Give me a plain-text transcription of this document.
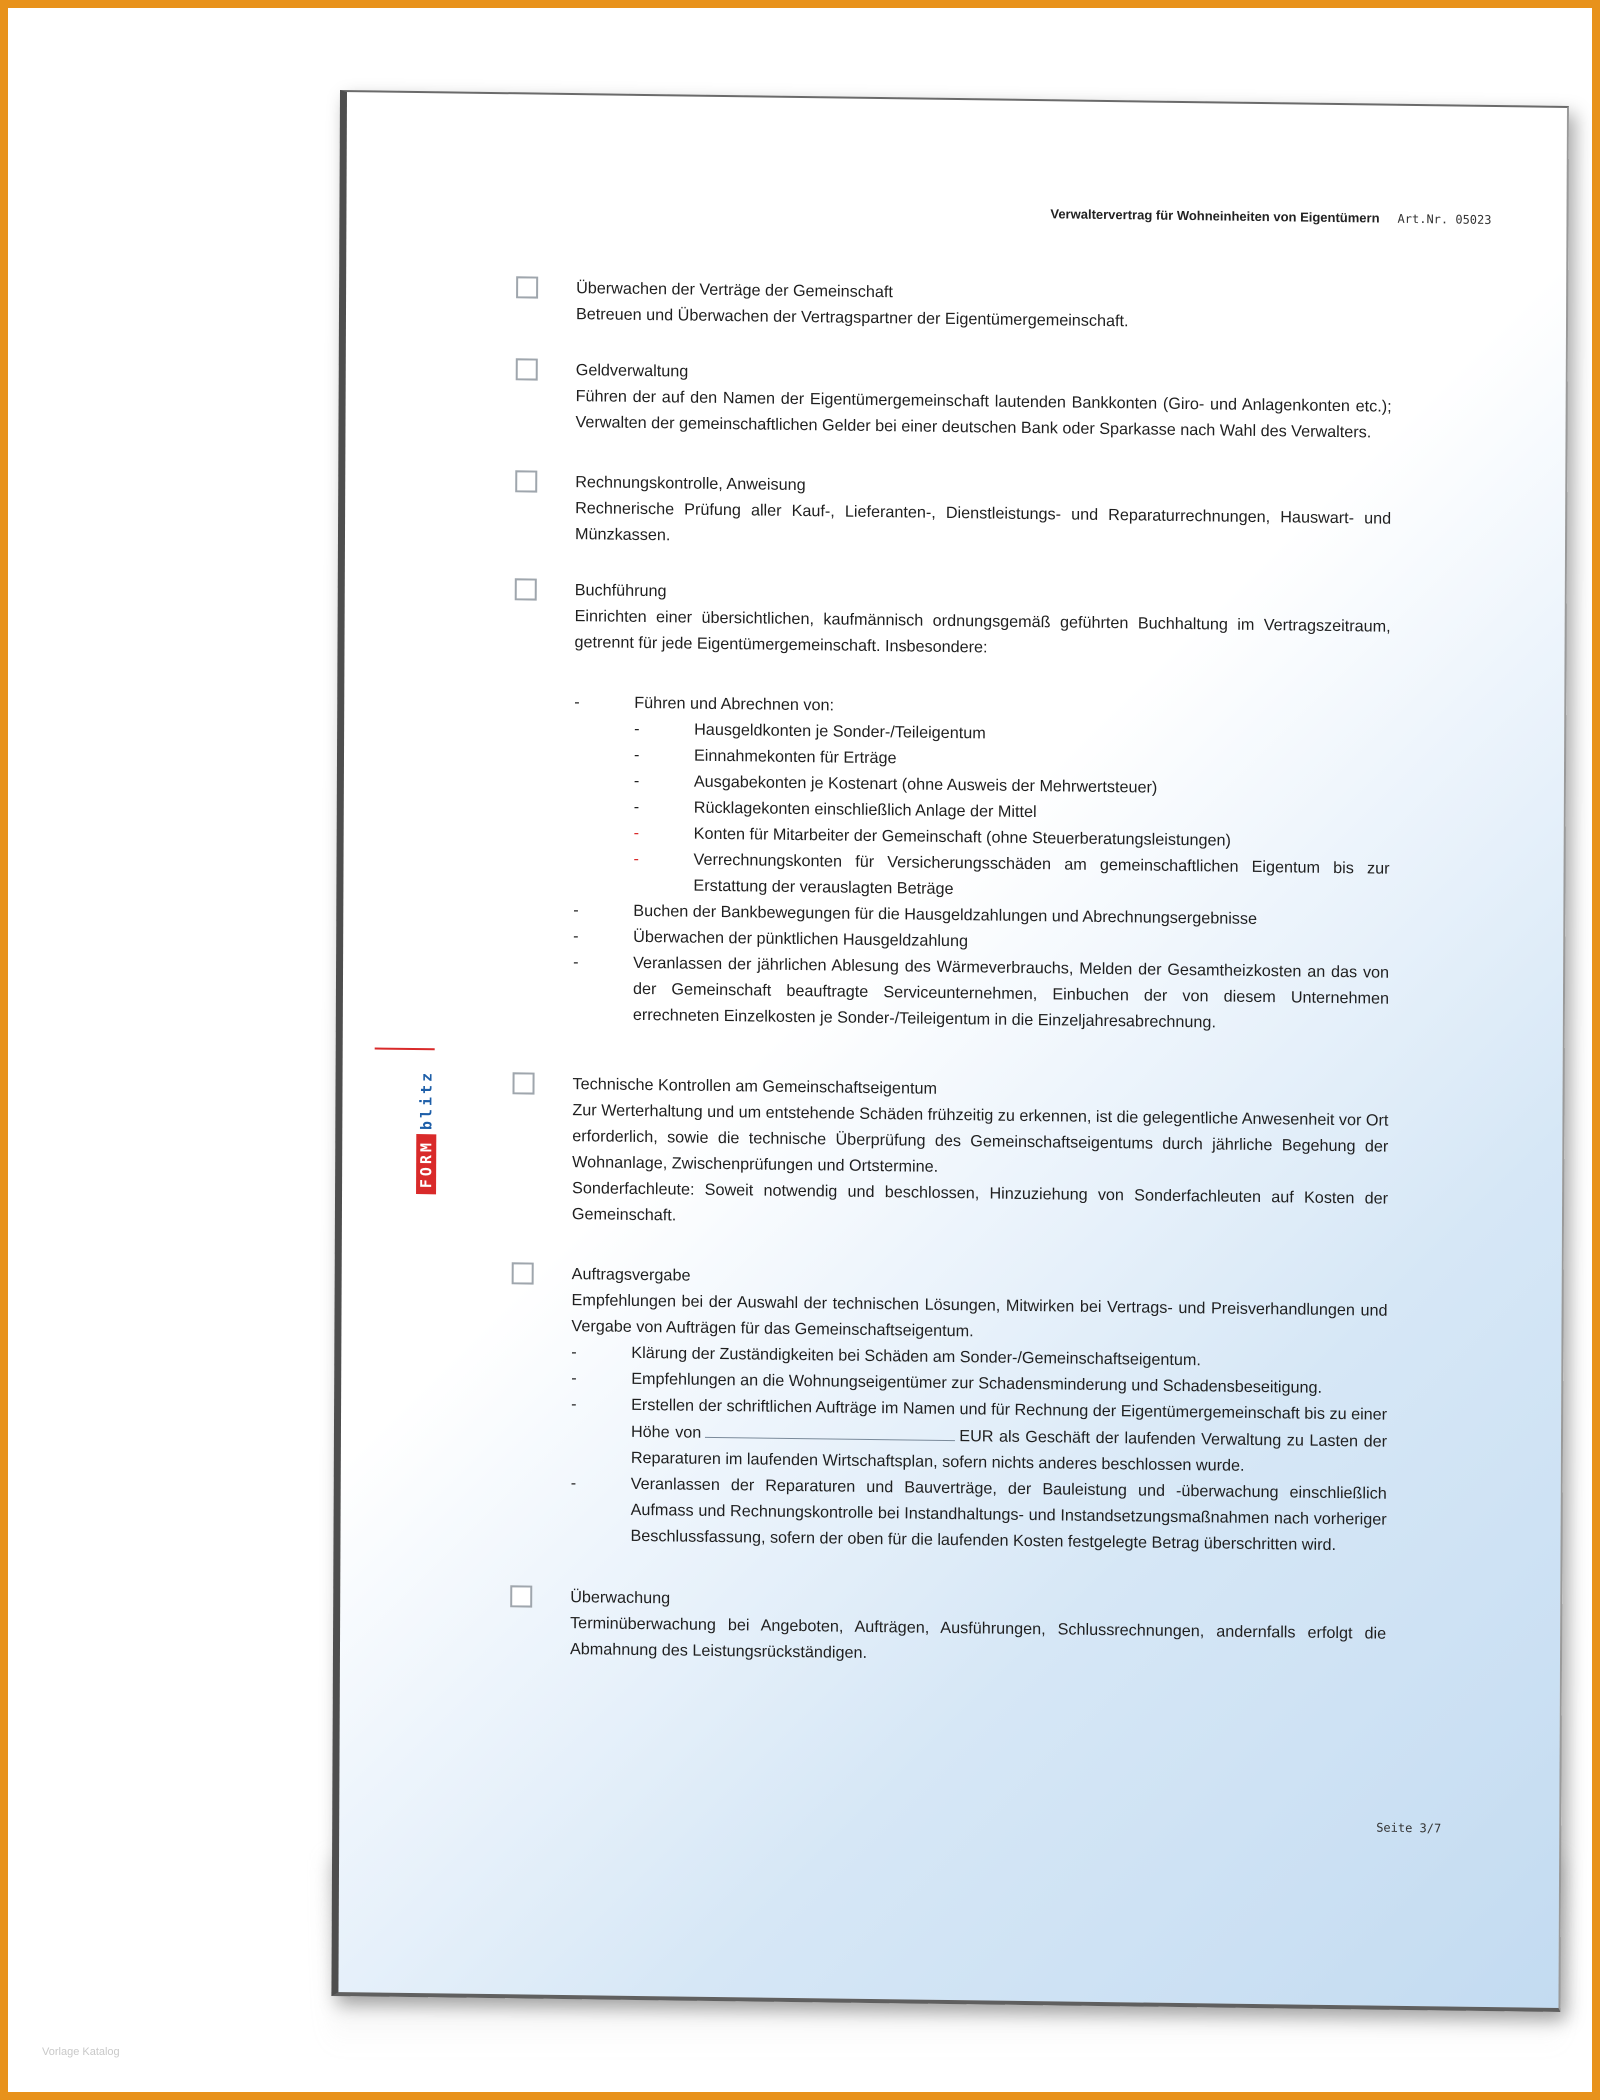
Verwaltervertrag für Wohneinheiten von Eigentümern Art.Nr. 05023
FORM
blitz
Überwachen der Verträge der Gemeinschaft
Betreuen und Überwachen der Vertragspartner der Eigentümergemeinschaft.
Geldverwaltung
Führen der auf den Namen der Eigentümergemeinschaft lautenden Bankkonten (Giro- und Anlagenkonten etc.); Verwalten der gemeinschaftlichen Gelder bei einer deutschen Bank oder Sparkasse nach Wahl des Verwalters.
Rechnungskontrolle, Anweisung
Rechnerische Prüfung aller Kauf-, Lieferanten-, Dienstleistungs- und Reparaturrechnungen, Hauswart- und Münzkassen.
Buchführung
Einrichten einer übersichtlichen, kaufmännisch ordnungsgemäß geführten Buchhaltung im Vertragszeitraum, getrennt für jede Eigentümergemeinschaft. Insbesondere:
- Führen und Abrechnen von:
- Hausgeldkonten je Sonder-/Teileigentum
- Einnahmekonten für Erträge
- Ausgabekonten je Kostenart (ohne Ausweis der Mehrwertsteuer)
- Rücklagekonten einschließlich Anlage der Mittel
- Konten für Mitarbeiter der Gemeinschaft (ohne Steuerberatungsleistungen)
- Verrechnungskonten für Versicherungsschäden am gemeinschaftlichen Eigentum bis zur Erstattung der verauslagten Beträge
- Buchen der Bankbewegungen für die Hausgeldzahlungen und Abrechnungsergebnisse
- Überwachen der pünktlichen Hausgeldzahlung
- Veranlassen der jährlichen Ablesung des Wärmeverbrauchs, Melden der Gesamtheizkosten an das von der Gemeinschaft beauftragte Serviceunternehmen, Einbuchen der von diesem Unternehmen errechneten Einzelkosten je Sonder-/Teileigentum in die Einzeljahresabrechnung.
Technische Kontrollen am Gemeinschaftseigentum
Zur Werterhaltung und um entstehende Schäden frühzeitig zu erkennen, ist die gelegentliche Anwesenheit vor Ort erforderlich, sowie die technische Überprüfung des Gemeinschaftseigentums durch jährliche Begehung der Wohnanlage, Zwischenprüfungen und Ortstermine.
Sonderfachleute: Soweit notwendig und beschlossen, Hinzuziehung von Sonderfachleuten auf Kosten der Gemeinschaft.
Auftragsvergabe
Empfehlungen bei der Auswahl der technischen Lösungen, Mitwirken bei Vertrags- und Preisverhandlungen und Vergabe von Aufträgen für das Gemeinschaftseigentum.
- Klärung der Zuständigkeiten bei Schäden am Sonder-/Gemeinschaftseigentum.
- Empfehlungen an die Wohnungseigentümer zur Schadensminderung und Schadensbeseitigung.
- Erstellen der schriftlichen Aufträge im Namen und für Rechnung der Eigentümergemeinschaft bis zu einer Höhe von	EUR als Geschäft der laufenden Verwaltung zu Lasten der Reparaturen im laufenden Wirtschaftsplan, sofern nichts anderes beschlossen wurde.
- Veranlassen der Reparaturen und Bauverträge, der Bauleistung und -überwachung einschließlich Aufmass und Rechnungskontrolle bei Instandhaltungs- und Instandsetzungsmaßnahmen nach vorheriger Beschlussfassung, sofern der oben für die laufenden Kosten festgelegte Betrag überschritten wird.
Überwachung
Terminüberwachung bei Angeboten, Aufträgen, Ausführungen, Schlussrechnungen, andernfalls erfolgt die Abmahnung des Leistungsrückständigen.
Seite 3/7
Vorlage Katalog
